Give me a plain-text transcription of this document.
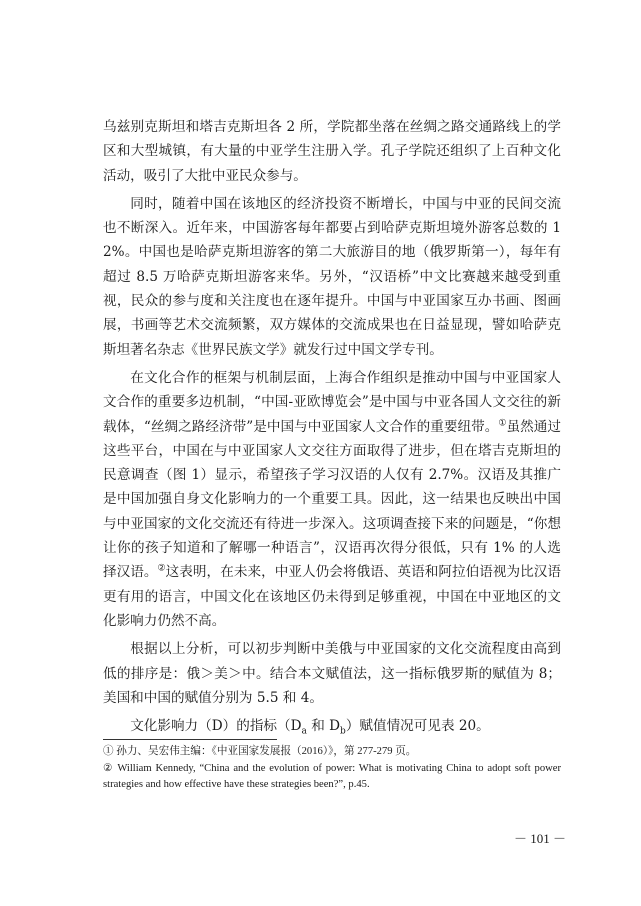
乌兹别克斯坦和塔吉克斯坦各 2 所，学院都坐落在丝绸之路交通路线上的学区和大型城镇，有大量的中亚学生注册入学。孔子学院还组织了上百种文化活动，吸引了大批中亚民众参与。

同时，随着中国在该地区的经济投资不断增长，中国与中亚的民间交流也不断深入。近年来，中国游客每年都要占到哈萨克斯坦境外游客总数的 12%。中国也是哈萨克斯坦游客的第二大旅游目的地（俄罗斯第一），每年有超过 8.5 万哈萨克斯坦游客来华。另外，“汉语桥”中文比赛越来越受到重视，民众的参与度和关注度也在逐年提升。中国与中亚国家互办书画、图画展，书画等艺术交流频繁，双方媒体的交流成果也在日益显现，譬如哈萨克斯坦著名杂志《世界民族文学》就发行过中国文学专刊。

在文化合作的框架与机制层面，上海合作组织是推动中国与中亚国家人文合作的重要多边机制，“中国-亚欧博览会”是中国与中亚各国人文交往的新载体，“丝绸之路经济带”是中国与中亚国家人文合作的重要纽带。①虽然通过这些平台，中国在与中亚国家人文交往方面取得了进步，但在塔吉克斯坦的民意调查（图 1）显示，希望孩子学习汉语的人仅有 2.7%。汉语及其推广是中国加强自身文化影响力的一个重要工具。因此，这一结果也反映出中国与中亚国家的文化交流还有待进一步深入。这项调查接下来的问题是，“你想让你的孩子知道和了解哪一种语言”，汉语再次得分很低，只有 1% 的人选择汉语。②这表明，在未来，中亚人仍会将俄语、英语和阿拉伯语视为比汉语更有用的语言，中国文化在该地区仍未得到足够重视，中国在中亚地区的文化影响力仍然不高。

根据以上分析，可以初步判断中美俄与中亚国家的文化交流程度由高到低的排序是：俄＞美＞中。结合本文赋值法，这一指标俄罗斯的赋值为 8；美国和中国的赋值分别为 5.5 和 4。

文化影响力（D）的指标（$D_a$ 和 $D_b$）赋值情况可见表 20。

① 孙力、吴宏伟主编：《中亚国家发展报（2016）》，第 277-279 页。

② William Kennedy, “China and the evolution of power: What is motivating China to adopt soft power strategies and how effective have these strategies been?”, p.45.

－ 101 －
